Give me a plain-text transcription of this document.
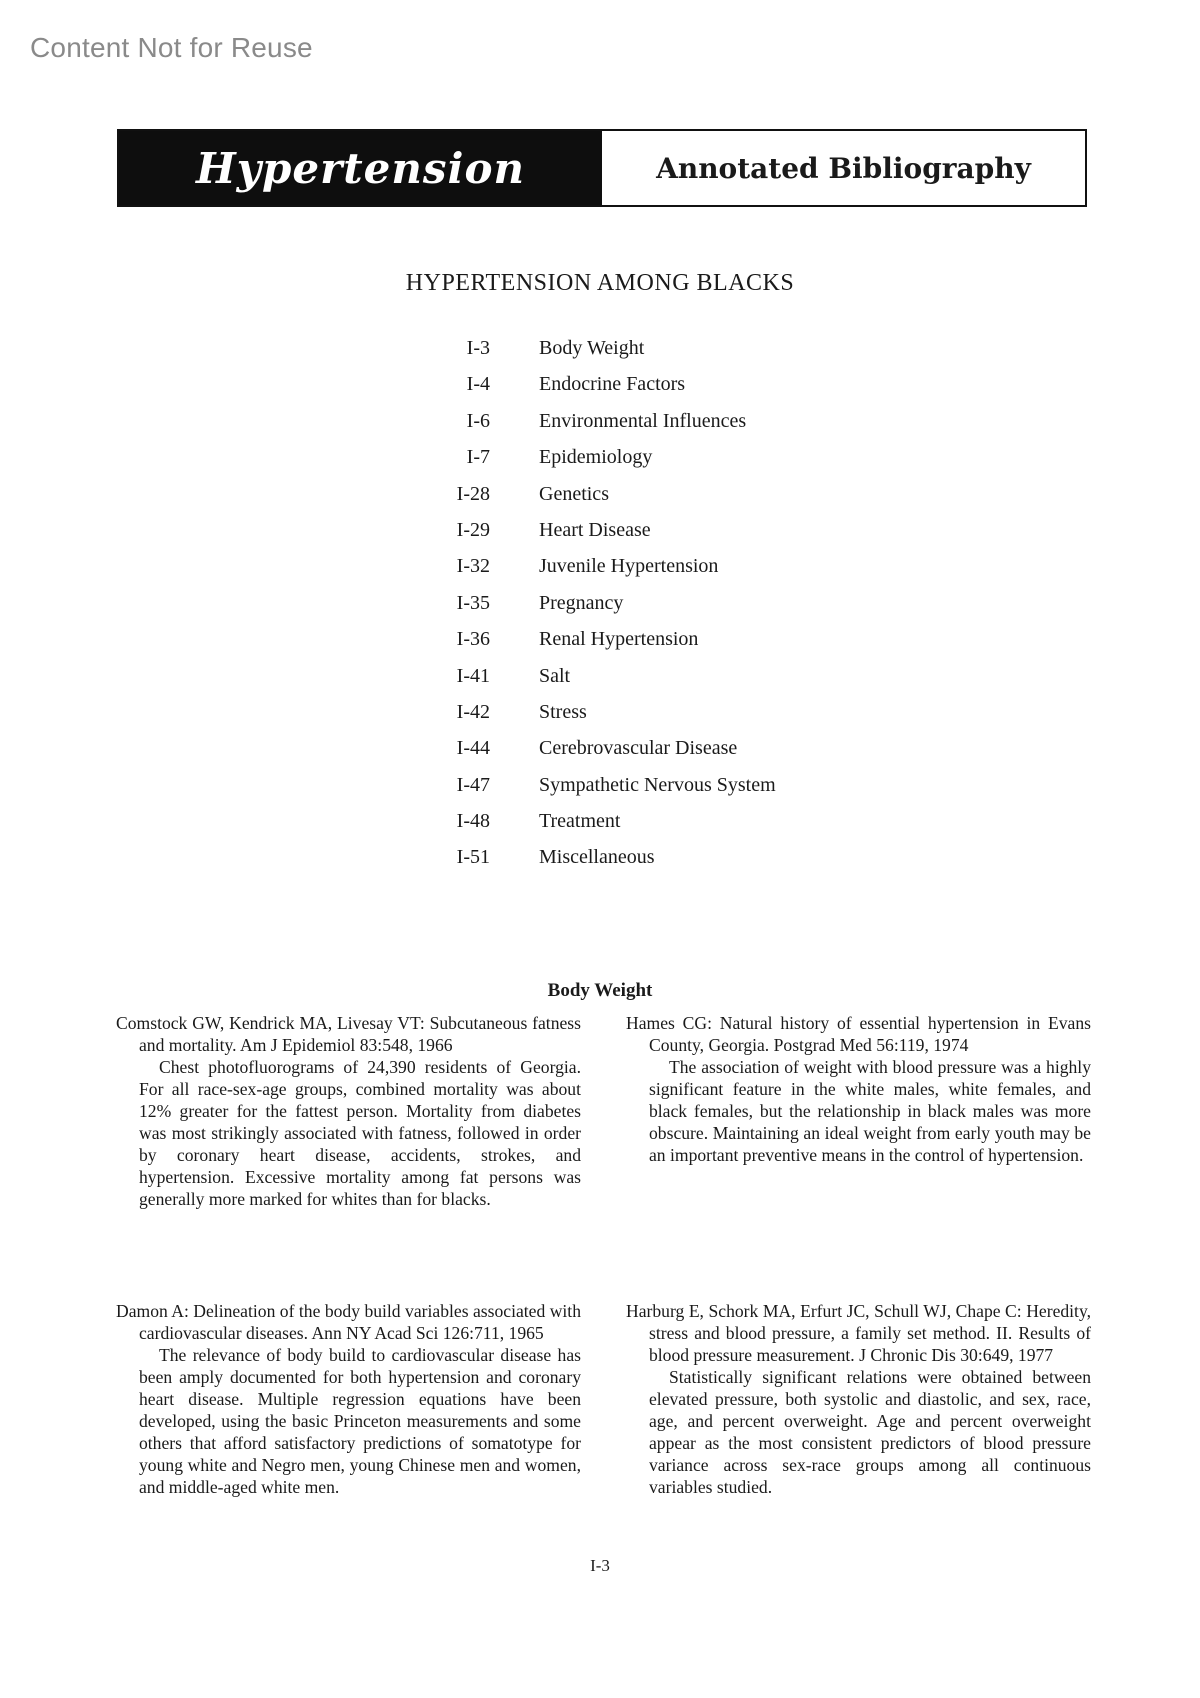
Content Not for Reuse
Hypertension	Annotated Bibliography
HYPERTENSION AMONG BLACKS
I-3 Body Weight
I-4 Endocrine Factors
I-6 Environmental Influences
I-7 Epidemiology
I-28 Genetics
I-29 Heart Disease
I-32 Juvenile Hypertension
I-35 Pregnancy
I-36 Renal Hypertension
I-41 Salt
I-42 Stress
I-44 Cerebrovascular Disease
I-47 Sympathetic Nervous System
I-48 Treatment
I-51 Miscellaneous
Body Weight
Comstock GW, Kendrick MA, Livesay VT: Subcutaneous fatness and mortality. Am J Epidemiol 83:548, 1966
Chest photofluorograms of 24,390 residents of Georgia. For all race-sex-age groups, combined mortality was about 12% greater for the fattest person. Mortality from diabetes was most strikingly associated with fatness, followed in order by coronary heart disease, accidents, strokes, and hypertension. Excessive mortality among fat persons was generally more marked for whites than for blacks.
Hames CG: Natural history of essential hypertension in Evans County, Georgia. Postgrad Med 56:119, 1974
The association of weight with blood pressure was a highly significant feature in the white males, white females, and black females, but the relationship in black males was more obscure. Maintaining an ideal weight from early youth may be an important preventive means in the control of hypertension.
Damon A: Delineation of the body build variables associated with cardiovascular diseases. Ann NY Acad Sci 126:711, 1965
The relevance of body build to cardiovascular disease has been amply documented for both hypertension and coronary heart disease. Multiple regression equations have been developed, using the basic Princeton measurements and some others that afford satisfactory predictions of somatotype for young white and Negro men, young Chinese men and women, and middle-aged white men.
Harburg E, Schork MA, Erfurt JC, Schull WJ, Chape C: Heredity, stress and blood pressure, a family set method. II. Results of blood pressure measurement. J Chronic Dis 30:649, 1977
Statistically significant relations were obtained between elevated pressure, both systolic and diastolic, and sex, race, age, and percent overweight. Age and percent overweight appear as the most consistent predictors of blood pressure variance across sex-race groups among all continuous variables studied.
I-3
